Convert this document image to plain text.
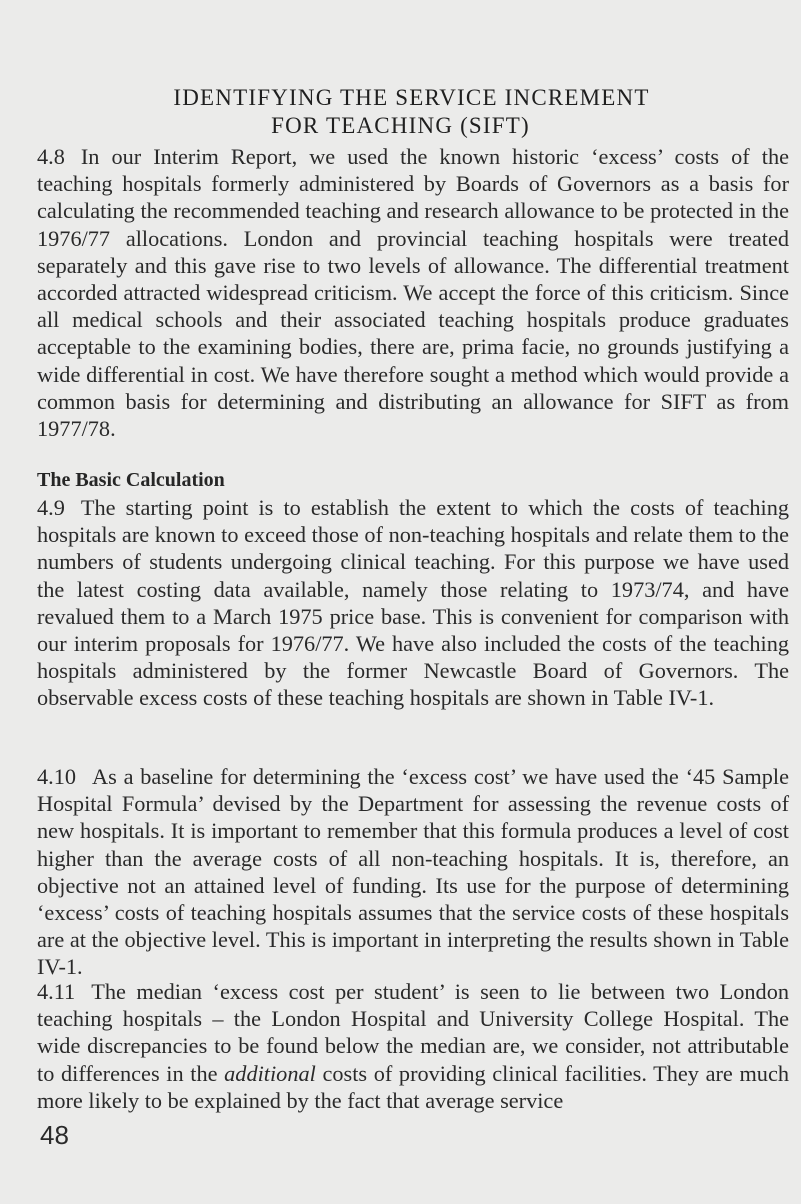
IDENTIFYING THE SERVICE INCREMENT
FOR TEACHING (SIFT)

4.8 In our Interim Report, we used the known historic ‘excess’ costs of the teaching hospitals formerly administered by Boards of Governors as a basis for calculating the recommended teaching and research allowance to be protected in the 1976/77 allocations. London and provincial teaching hospitals were treated separately and this gave rise to two levels of allowance. The differential treatment accorded attracted widespread criticism. We accept the force of this criticism. Since all medical schools and their associated teaching hospitals produce graduates acceptable to the examining bodies, there are, prima facie, no grounds justifying a wide differential in cost. We have therefore sought a method which would provide a common basis for determining and distributing an allowance for SIFT as from 1977/78.

The Basic Calculation

4.9 The starting point is to establish the extent to which the costs of teaching hospitals are known to exceed those of non-teaching hospitals and relate them to the numbers of students undergoing clinical teaching. For this purpose we have used the latest costing data available, namely those relating to 1973/74, and have revalued them to a March 1975 price base. This is convenient for comparison with our interim proposals for 1976/77. We have also included the costs of the teaching hospitals administered by the former Newcastle Board of Governors. The observable excess costs of these teaching hospitals are shown in Table IV-1.

4.10 As a baseline for determining the ‘excess cost’ we have used the ‘45 Sample Hospital Formula’ devised by the Department for assessing the revenue costs of new hospitals. It is important to remember that this formula produces a level of cost higher than the average costs of all non-teaching hospitals. It is, therefore, an objective not an attained level of funding. Its use for the purpose of determining ‘excess’ costs of teaching hospitals assumes that the service costs of these hospitals are at the objective level. This is important in interpreting the results shown in Table IV-1.

4.11 The median ‘excess cost per student’ is seen to lie between two London teaching hospitals – the London Hospital and University College Hospital. The wide discrepancies to be found below the median are, we consider, not attributable to differences in the additional costs of providing clinical facilities. They are much more likely to be explained by the fact that average service

48
